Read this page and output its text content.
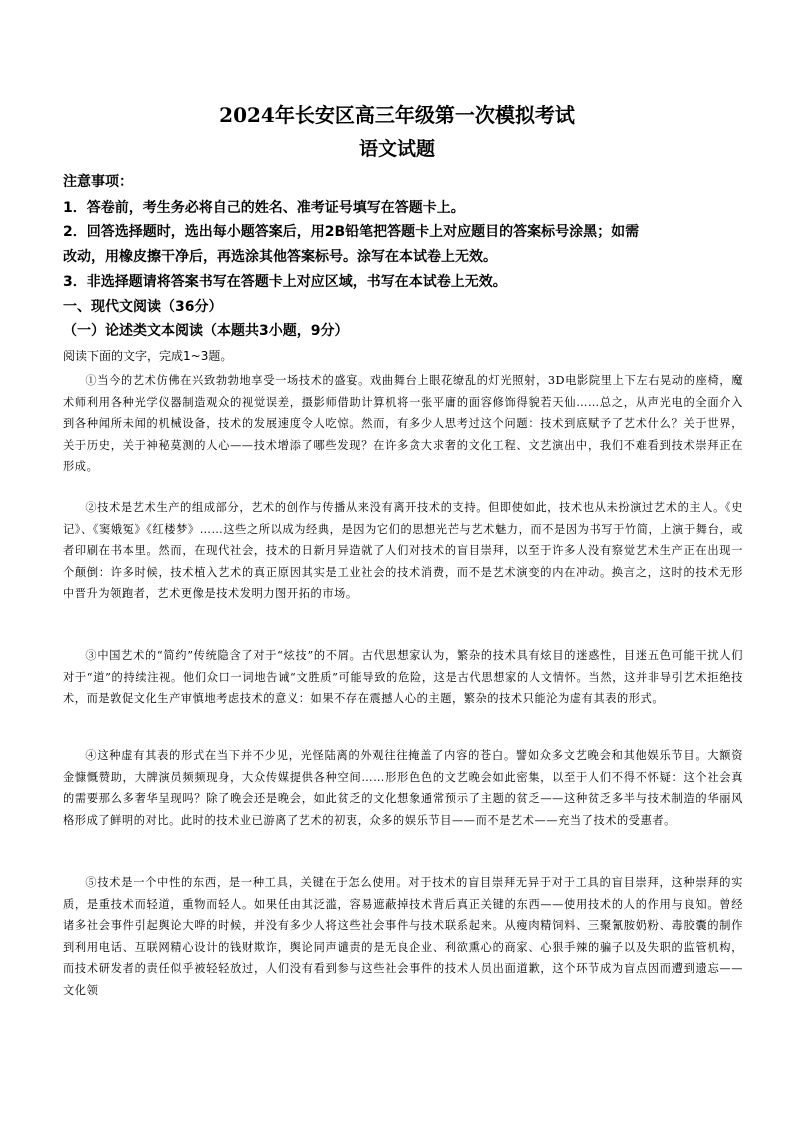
2024年长安区高三年级第一次模拟考试
语文试题
注意事项：
1．答卷前，考生务必将自己的姓名、准考证号填写在答题卡上。
2．回答选择题时，选出每小题答案后，用2B铅笔把答题卡上对应题目的答案标号涂黑；如需
改动，用橡皮擦干净后，再选涂其他答案标号。涂写在本试卷上无效。
3．非选择题请将答案书写在答题卡上对应区域，书写在本试卷上无效。
一、现代文阅读（36分）
（一）论述类文本阅读（本题共3小题，9分）
阅读下面的文字，完成1~3题。
①当今的艺术仿佛在兴致勃勃地享受一场技术的盛宴。戏曲舞台上眼花缭乱的灯光照射，3D电影院里上下左右晃动的座椅，魔术师利用各种光学仪器制造观众的视觉误差，摄影师借助计算机将一张平庸的面容修饰得貌若天仙……总之，从声光电的全面介入到各种闻所未闻的机械设备，技术的发展速度令人吃惊。然而，有多少人思考过这个问题：技术到底赋予了艺术什么？关于世界，关于历史，关于神秘莫测的人心——技术增添了哪些发现？在许多贪大求奢的文化工程、文艺演出中，我们不难看到技术崇拜正在形成。
②技术是艺术生产的组成部分，艺术的创作与传播从来没有离开技术的支持。但即使如此，技术也从未扮演过艺术的主人。《史记》、《窦娥冤》《红楼梦》……这些之所以成为经典，是因为它们的思想光芒与艺术魅力，而不是因为书写于竹简，上演于舞台，或者印刷在书本里。然而，在现代社会，技术的日新月异造就了人们对技术的盲目崇拜，以至于许多人没有察觉艺术生产正在出现一个颠倒：许多时候，技术植入艺术的真正原因其实是工业社会的技术消费，而不是艺术演变的内在冲动。换言之，这时的技术无形中晋升为领跑者，艺术更像是技术发明力图开拓的市场。
③中国艺术的“简约”传统隐含了对于“炫技”的不屑。古代思想家认为，繁杂的技术具有炫目的迷惑性，目迷五色可能干扰人们对于“道”的持续注视。他们众口一词地告诫“文胜质”可能导致的危险，这是古代思想家的人文情怀。当然，这并非导引艺术拒绝技术，而是敦促文化生产审慎地考虑技术的意义：如果不存在震撼人心的主题，繁杂的技术只能沦为虚有其表的形式。
④这种虚有其表的形式在当下并不少见，光怪陆离的外观往往掩盖了内容的苍白。譬如众多文艺晚会和其他娱乐节目。大额资金慷慨赞助，大牌演员频频现身，大众传媒提供各种空间……形形色色的文艺晚会如此密集，以至于人们不得不怀疑：这个社会真的需要那么多奢华呈现吗？除了晚会还是晚会，如此贫乏的文化想象通常预示了主题的贫乏——这种贫乏多半与技术制造的华丽风格形成了鲜明的对比。此时的技术业已游离了艺术的初衷，众多的娱乐节目——而不是艺术——充当了技术的受惠者。
⑤技术是一个中性的东西，是一种工具，关键在于怎么使用。对于技术的盲目崇拜无异于对于工具的盲目崇拜，这种崇拜的实质，是重技术而轻道，重物而轻人。如果任由其泛滥，容易遮蔽掉技术背后真正关键的东西——使用技术的人的作用与良知。曾经诸多社会事件引起舆论大哗的时候，并没有多少人将这些社会事件与技术联系起来。从瘦肉精饲料、三聚氰胺奶粉、毒胶囊的制作到利用电话、互联网精心设计的钱财欺诈，舆论同声谴责的是无良企业、利欲熏心的商家、心狠手辣的骗子以及失职的监管机构，而技术研发者的责任似乎被轻轻放过，人们没有看到参与这些社会事件的技术人员出面道歉，这个环节成为盲点因而遭到遗忘——文化领
